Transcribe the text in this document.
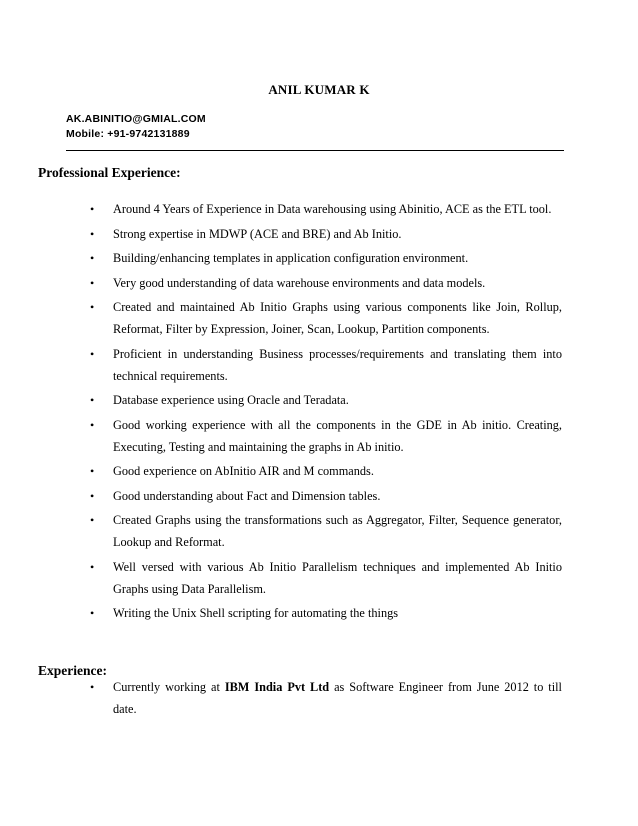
ANIL KUMAR K
AK.ABINITIO@GMIAL.COM
Mobile: +91-9742131889
Professional Experience:
• Around 4 Years of Experience in Data warehousing using Abinitio, ACE as the ETL tool.
• Strong expertise in MDWP (ACE and BRE) and Ab Initio.
• Building/enhancing templates in application configuration environment.
• Very good understanding of data warehouse environments and data models.
• Created and maintained Ab Initio Graphs using various components like Join, Rollup, Reformat, Filter by Expression, Joiner, Scan, Lookup, Partition components.
• Proficient in understanding Business processes/requirements and translating them into technical requirements.
• Database experience using Oracle and Teradata.
• Good working experience with all the components in the GDE in Ab initio. Creating, Executing, Testing and maintaining the graphs in Ab initio.
• Good experience on AbInitio AIR and M commands.
• Good understanding about Fact and Dimension tables.
• Created Graphs using the transformations such as Aggregator, Filter, Sequence generator, Lookup and Reformat.
• Well versed with various Ab Initio Parallelism techniques and implemented Ab Initio Graphs using Data Parallelism.
• Writing the Unix Shell scripting for automating the things
Experience:
• Currently working at IBM India Pvt Ltd as Software Engineer from June 2012 to till date.
